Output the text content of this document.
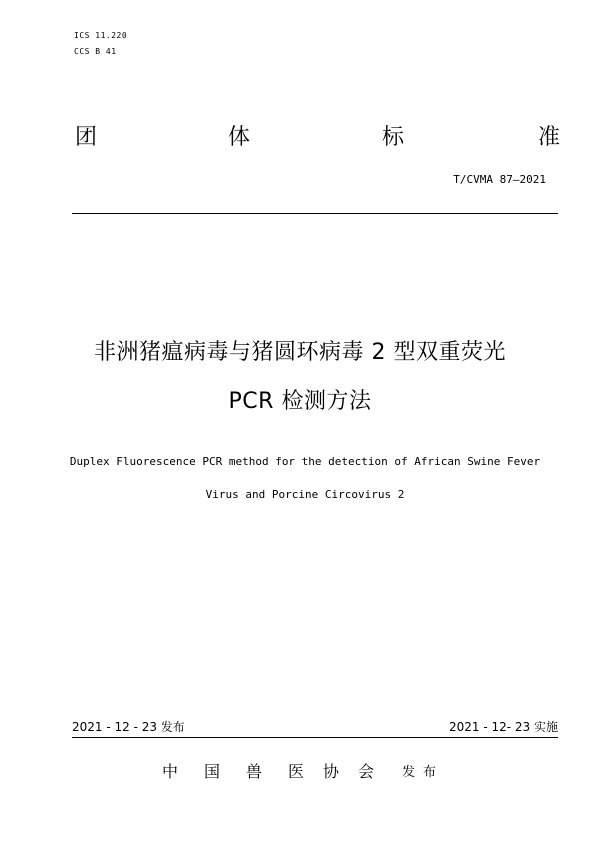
ICS 11.220
CCS B 41
团	体	标	准
T/CVMA 87—2021
非洲猪瘟病毒与猪圆环病毒 2 型双重荧光
PCR 检测方法
Duplex Fluorescence PCR method for the detection of African Swine Fever
Virus and Porcine Circovirus 2
2021 - 12 - 23 发布	2021 - 12- 23 实施
中 国 兽 医 协 会 发布
